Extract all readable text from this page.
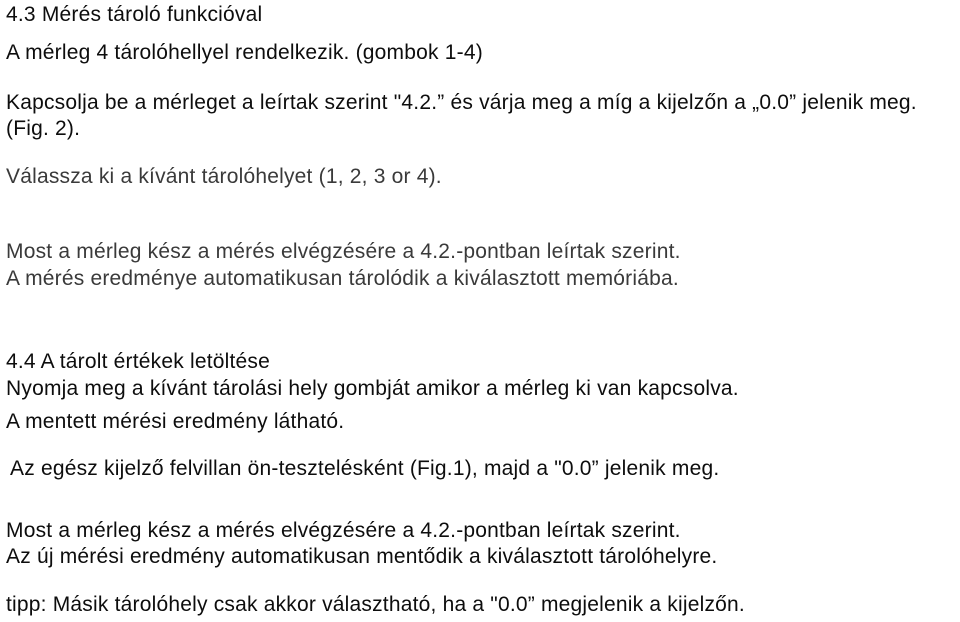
4.3 Mérés tároló funkcióval
A mérleg 4 tárolóhellyel rendelkezik. (gombok 1-4)
Kapcsolja be a mérleget a leírtak szerint "4.2.” és várja meg a míg a kijelzőn a „0.0” jelenik meg.
(Fig. 2).
Válassza ki a kívánt tárolóhelyet (1, 2, 3 or 4).
Most a mérleg kész a mérés elvégzésére a 4.2.-pontban leírtak szerint.
A mérés eredménye automatikusan tárolódik a kiválasztott memóriába.
4.4 A tárolt értékek letöltése
Nyomja meg a kívánt tárolási hely gombját amikor a mérleg ki van kapcsolva.
A mentett mérési eredmény látható.
Az egész kijelző felvillan ön-tesztelésként (Fig.1), majd a "0.0” jelenik meg.
Most a mérleg kész a mérés elvégzésére a 4.2.-pontban leírtak szerint.
Az új mérési eredmény automatikusan mentődik a kiválasztott tárolóhelyre.
tipp: Másik tárolóhely csak akkor választható, ha a "0.0” megjelenik a kijelzőn.
